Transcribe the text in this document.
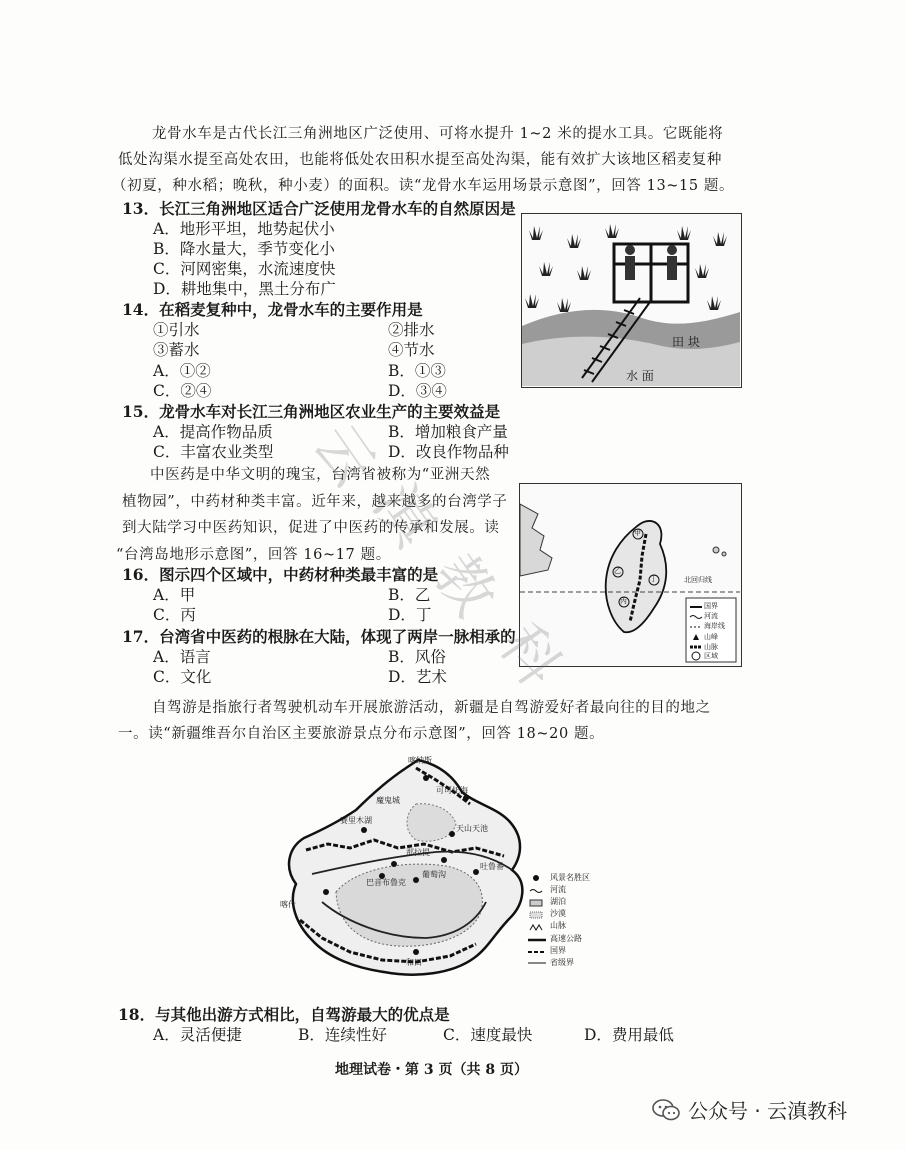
龙骨水车是古代长江三角洲地区广泛使用、可将水提升 1~2 米的提水工具。它既能将
低处沟渠水提至高处农田，也能将低处农田积水提至高处沟渠，能有效扩大该地区稻麦复种
（初夏，种水稻；晚秋，种小麦）的面积。读“龙骨水车运用场景示意图”，回答 13~15 题。
13．长江三角洲地区适合广泛使用龙骨水车的自然原因是
A．地形平坦，地势起伏小
B．降水量大，季节变化小
C．河网密集，水流速度快
D．耕地集中，黑土分布广
14．在稻麦复种中，龙骨水车的主要作用是
①引水	②排水
③蓄水	④节水
A．①②	B．①③
C．②④	D．③④
15．龙骨水车对长江三角洲地区农业生产的主要效益是
A．提高作物品质	B．增加粮食产量
C．丰富农业类型	D．改良作物品种
田 块
水 面
中医药是中华文明的瑰宝，台湾省被称为“亚洲天然
植物园”，中药材种类丰富。近年来，越来越多的台湾学子
到大陆学习中医药知识，促进了中医药的传承和发展。读
“台湾岛地形示意图”，回答 16~17 题。
16．图示四个区域中，中药材种类最丰富的是
A．甲	B．乙
C．丙	D．丁
17．台湾省中医药的根脉在大陆，体现了两岸一脉相承的
A．语言	B．风俗
C．文化	D．艺术
北回归线
国界
河流
海岸线
山峰
山脉
区域
甲
乙
丙
丁
自驾游是指旅行者驾驶机动车开展旅游活动，新疆是自驾游爱好者最向往的目的地之
一。读“新疆维吾尔自治区主要旅游景点分布示意图”，回答 18~20 题。
喀纳斯
可可托海
魔鬼城
赛里木湖
天山天池
吐鲁番
那拉提
巴音布鲁克
葡萄沟
喀什
和田
风景名胜区
河流
湖泊
沙漠
山脉
高速公路
国界
省级界
18．与其他出游方式相比，自驾游最大的优点是
A．灵活便捷	B．连续性好	C．速度最快	D．费用最低
地理试卷・第 3 页（共 8 页）
云
滇
教
科
公众号 · 云滇教科
